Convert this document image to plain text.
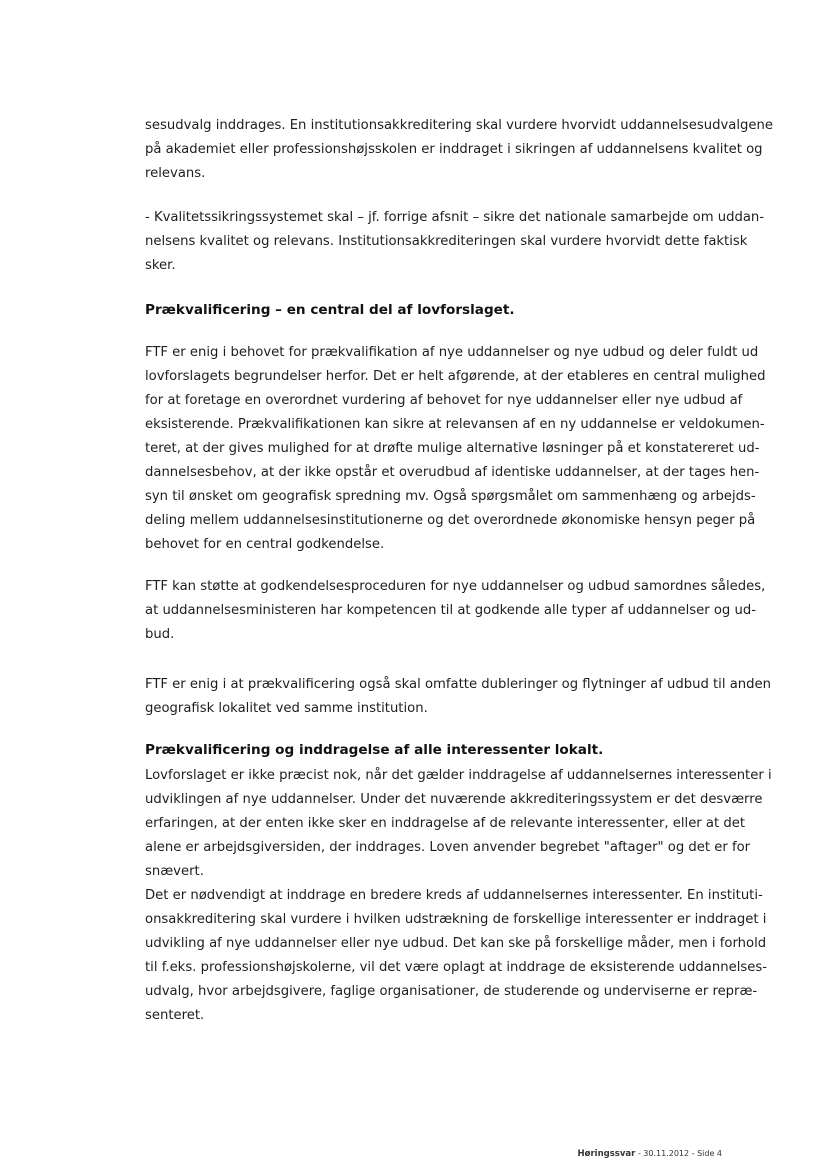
sesudvalg inddrages. En institutionsakkreditering skal vurdere hvorvidt uddannelsesudvalgene
på akademiet eller professionshøjsskolen er inddraget i sikringen af uddannelsens kvalitet og
relevans.
- Kvalitetssikringssystemet skal – jf. forrige afsnit – sikre det nationale samarbejde om uddan-
nelsens kvalitet og relevans. Institutionsakkrediteringen skal vurdere hvorvidt dette faktisk
sker.
Prækvalificering – en central del af lovforslaget.
FTF er enig i behovet for prækvalifikation af nye uddannelser og nye udbud og deler fuldt ud
lovforslagets begrundelser herfor. Det er helt afgørende, at der etableres en central mulighed
for at foretage en overordnet vurdering af behovet for nye uddannelser eller nye udbud af
eksisterende. Prækvalifikationen kan sikre at relevansen af en ny uddannelse er veldokumen-
teret, at der gives mulighed for at drøfte mulige alternative løsninger på et konstatereret ud-
dannelsesbehov, at der ikke opstår et overudbud af identiske uddannelser, at der tages hen-
syn til ønsket om geografisk spredning mv. Også spørgsmålet om sammenhæng og arbejds-
deling mellem uddannelsesinstitutionerne og det overordnede økonomiske hensyn peger på
behovet for en central godkendelse.
FTF kan støtte at godkendelsesproceduren for nye uddannelser og udbud samordnes således,
at uddannelsesministeren har kompetencen til at godkende alle typer af uddannelser og ud-
bud.
FTF er enig i at prækvalificering også skal omfatte dubleringer og flytninger af udbud til anden
geografisk lokalitet ved samme institution.
Prækvalificering og inddragelse af alle interessenter lokalt.
Lovforslaget er ikke præcist nok, når det gælder inddragelse af uddannelsernes interessenter i
udviklingen af nye uddannelser. Under det nuværende akkrediteringssystem er det desværre
erfaringen, at der enten ikke sker en inddragelse af de relevante interessenter, eller at det
alene er arbejdsgiversiden, der inddrages. Loven anvender begrebet "aftager" og det er for
snævert.
Det er nødvendigt at inddrage en bredere kreds af uddannelsernes interessenter. En instituti-
onsakkreditering skal vurdere i hvilken udstrækning de forskellige interessenter er inddraget i
udvikling af nye uddannelser eller nye udbud. Det kan ske på forskellige måder, men i forhold
til f.eks. professionshøjskolerne, vil det være oplagt at inddrage de eksisterende uddannelses-
udvalg, hvor arbejdsgivere, faglige organisationer, de studerende og underviserne er repræ-
senteret.
Høringssvar - 30.11.2012 - Side 4
